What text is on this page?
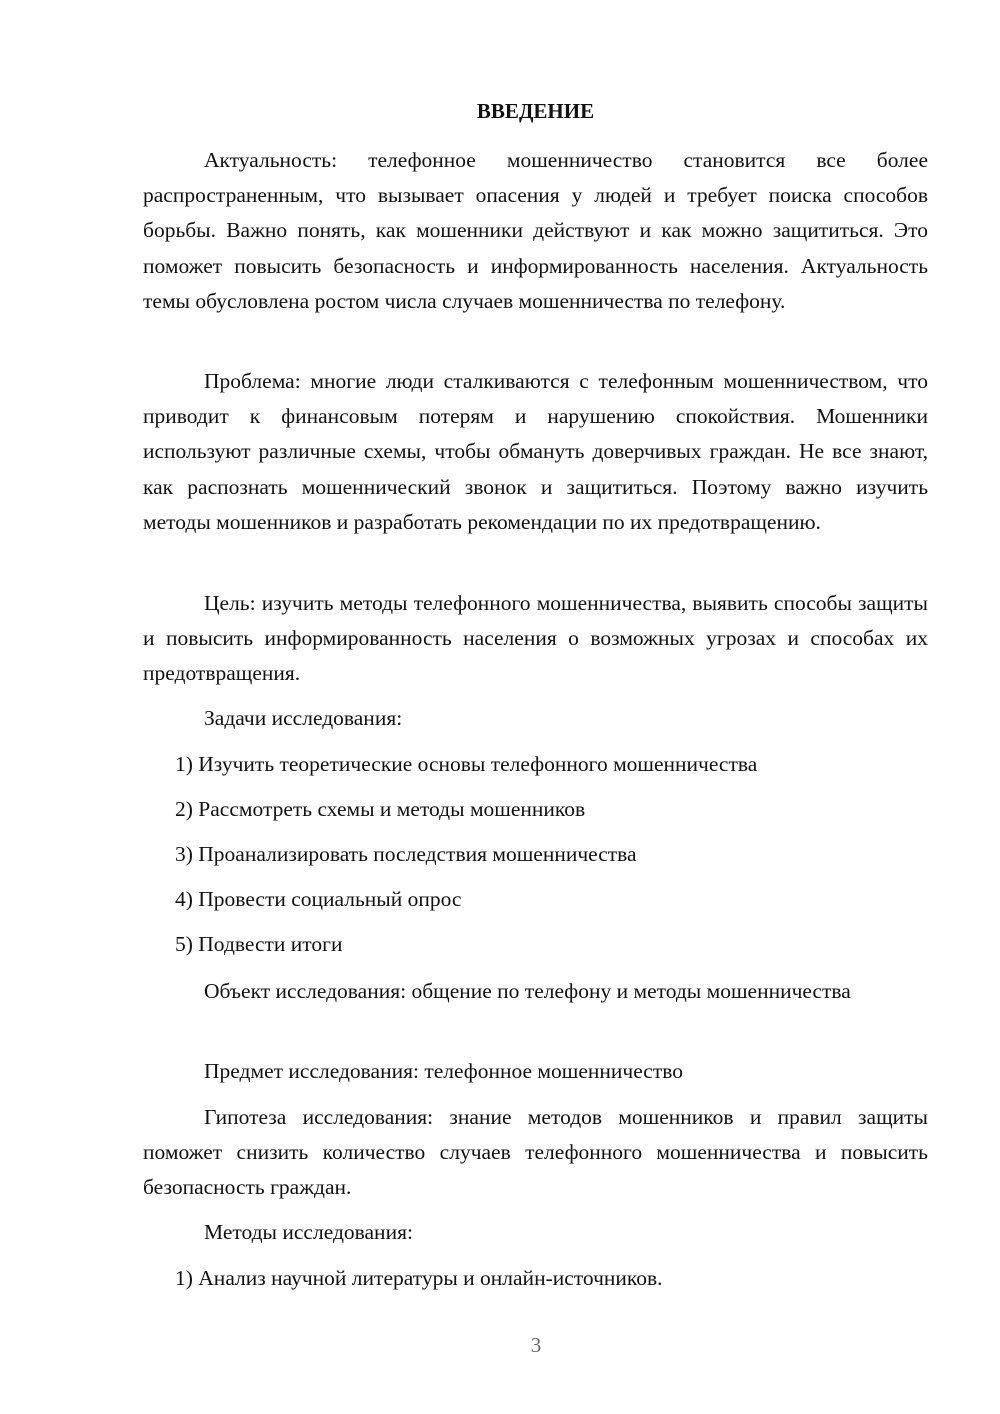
ВВЕДЕНИЕ

Актуальность: телефонное мошенничество становится все более распространенным, что вызывает опасения у людей и требует поиска способов борьбы. Важно понять, как мошенники действуют и как можно защититься. Это поможет повысить безопасность и информированность населения. Актуальность темы обусловлена ростом числа случаев мошенничества по телефону.

Проблема: многие люди сталкиваются с телефонным мошенничеством, что приводит к финансовым потерям и нарушению спокойствия. Мошенники используют различные схемы, чтобы обмануть доверчивых граждан. Не все знают, как распознать мошеннический звонок и защититься. Поэтому важно изучить методы мошенников и разработать рекомендации по их предотвращению.

Цель: изучить методы телефонного мошенничества, выявить способы защиты и повысить информированность населения о возможных угрозах и способах их предотвращения.

Задачи исследования:

1) Изучить теоретические основы телефонного мошенничества

2) Рассмотреть схемы и методы мошенников

3) Проанализировать последствия мошенничества

4) Провести социальный опрос

5) Подвести итоги

Объект исследования: общение по телефону и методы мошенничества

Предмет исследования: телефонное мошенничество

Гипотеза исследования: знание методов мошенников и правил защиты поможет снизить количество случаев телефонного мошенничества и повысить безопасность граждан.

Методы исследования:

1) Анализ научной литературы и онлайн-источников.

3
